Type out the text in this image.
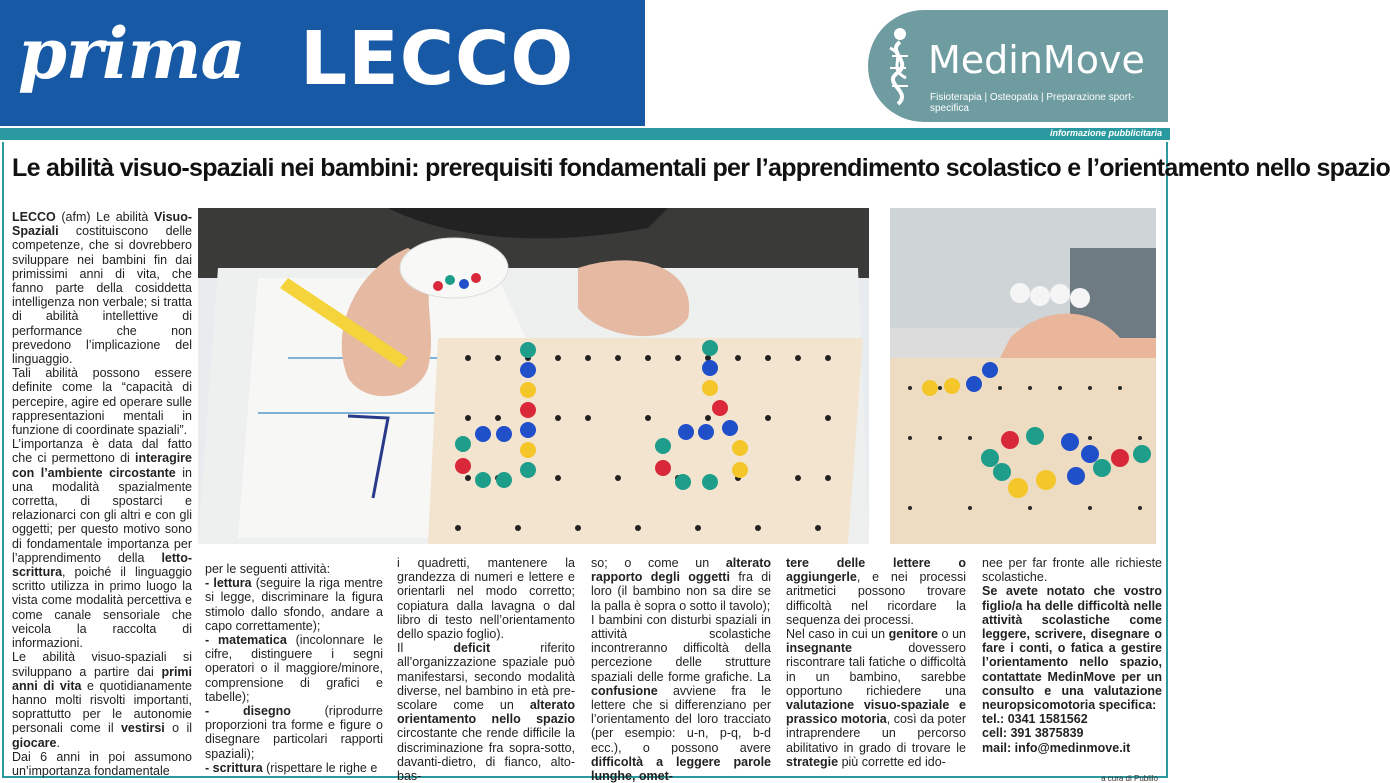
prima LECCO	MedinMove
Fisioterapia | Osteopatia | Preparazione sport-specifica
informazione pubblicitaria
Le abilità visuo-spaziali nei bambini: prerequisiti fondamentali per l’apprendimento scolastico e l’orientamento nello spazio

LECCO (afm) Le abilità Visuo-Spaziali costituiscono delle competenze, che si dovrebbero sviluppare nei bambini fin dai primissimi anni di vita, che fanno parte della cosiddetta intelligenza non verbale; si tratta di abilità intellettive di performance che non prevedono l’implicazione del linguaggio.

Tali abilità possono essere definite come la “capacità di percepire, agire ed operare sulle rappresentazioni mentali in funzione di coordinate spaziali”.

L’importanza è data dal fatto che ci permettono di interagire con l’ambiente circostante in una modalità spazialmente corretta, di spostarci e relazionarci con gli altri e con gli oggetti; per questo motivo sono di fondamentale importanza per l’apprendimento della letto-scrittura, poiché il linguaggio scritto utilizza in primo luogo la vista come modalità percettiva e come canale sensoriale che veicola la raccolta di informazioni.

Le abilità visuo-spaziali si sviluppano a partire dai primi anni di vita e quotidianamente hanno molti risvolti importanti, soprattutto per le autonomie personali come il vestirsi o il giocare.

Dai 6 anni in poi assumono un’importanza fondamentale

per le seguenti attività:

- lettura (seguire la riga mentre si legge, discriminare la figura stimolo dallo sfondo, andare a capo correttamente);

- matematica (incolonnare le cifre, distinguere i segni operatori o il maggiore/minore, comprensione di grafici e tabelle);

- disegno (riprodurre proporzioni tra forme e figure o disegnare particolari rapporti spaziali);

- scrittura (rispettare le righe e

i quadretti, mantenere la grandezza di numeri e lettere e orientarli nel modo corretto; copiatura dalla lavagna o dal libro di testo nell’orientamento dello spazio foglio).

Il deficit riferito all’organizzazione spaziale può manifestarsi, secondo modalità diverse, nel bambino in età pre-scolare come un alterato orientamento nello spazio circostante che rende difficile la discriminazione fra sopra-sotto, davanti-dietro, di fianco, alto-bas-

so; o come un alterato rapporto degli oggetti fra di loro (il bambino non sa dire se la palla è sopra o sotto il tavolo);

I bambini con disturbi spaziali in attività scolastiche incontreranno difficoltà della percezione delle strutture spaziali delle forme grafiche. La confusione avviene fra le lettere che si differenziano per l’orientamento del loro tracciato (per esempio: u-n, p-q, b-d ecc.), o possono avere difficoltà a leggere parole lunghe, omet-

tere delle lettere o aggiungerle, e nei processi aritmetici possono trovare difficoltà nel ricordare la sequenza dei processi.

Nel caso in cui un genitore o un insegnante dovessero riscontrare tali fatiche o difficoltà in un bambino, sarebbe opportuno richiedere una valutazione visuo-spaziale e prassico motoria, così da poter intraprendere un percorso abilitativo in grado di trovare le strategie più corrette ed ido-

nee per far fronte alle richieste scolastiche.

Se avete notato che vostro figlio/a ha delle difficoltà nelle attività scolastiche come leggere, scrivere, disegnare o fare i conti, o fatica a gestire l’orientamento nello spazio, contattate MedinMove per un consulto e una valutazione neuropsicomotoria specifica:

tel.: 0341 1581562

cell: 391 3875839

mail: info@medinmove.it

a cura di Publilo
